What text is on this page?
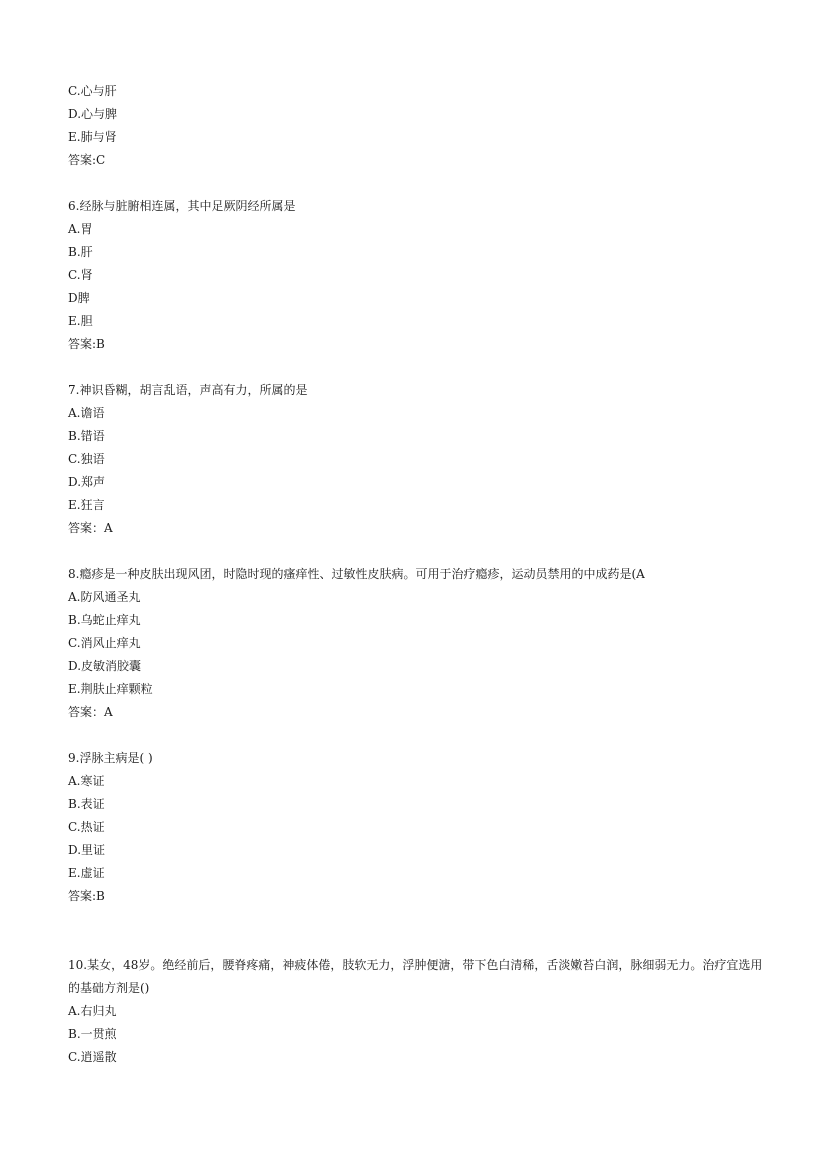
C.心与肝
D.心与脾
E.肺与肾
答案:C
6.经脉与脏腑相连属，其中足厥阴经所属是
A.胃
B.肝
C.肾
D脾
E.胆
答案:B
7.神识昏糊，胡言乱语，声高有力，所属的是
A.谵语
B.错语
C.独语
D.郑声
E.狂言
答案：A
8.瘾疹是一种皮肤出现风团，时隐时现的瘙痒性、过敏性皮肤病。可用于治疗瘾疹，运动员禁用的中成药是(A
A.防风通圣丸
B.乌蛇止痒丸
C.消风止痒丸
D.皮敏消胶囊
E.荆肤止痒颗粒
答案：A
9.浮脉主病是( )
A.寒证
B.表证
C.热证
D.里证
E.虚证
答案:B
10.某女，48岁。绝经前后，腰脊疼痛，神疲体倦，肢软无力，浮肿便溏，带下色白清稀，舌淡嫩苔白润，脉细弱无力。治疗宜选用的基础方剂是()
A.右归丸
B.一贯煎
C.逍遥散
